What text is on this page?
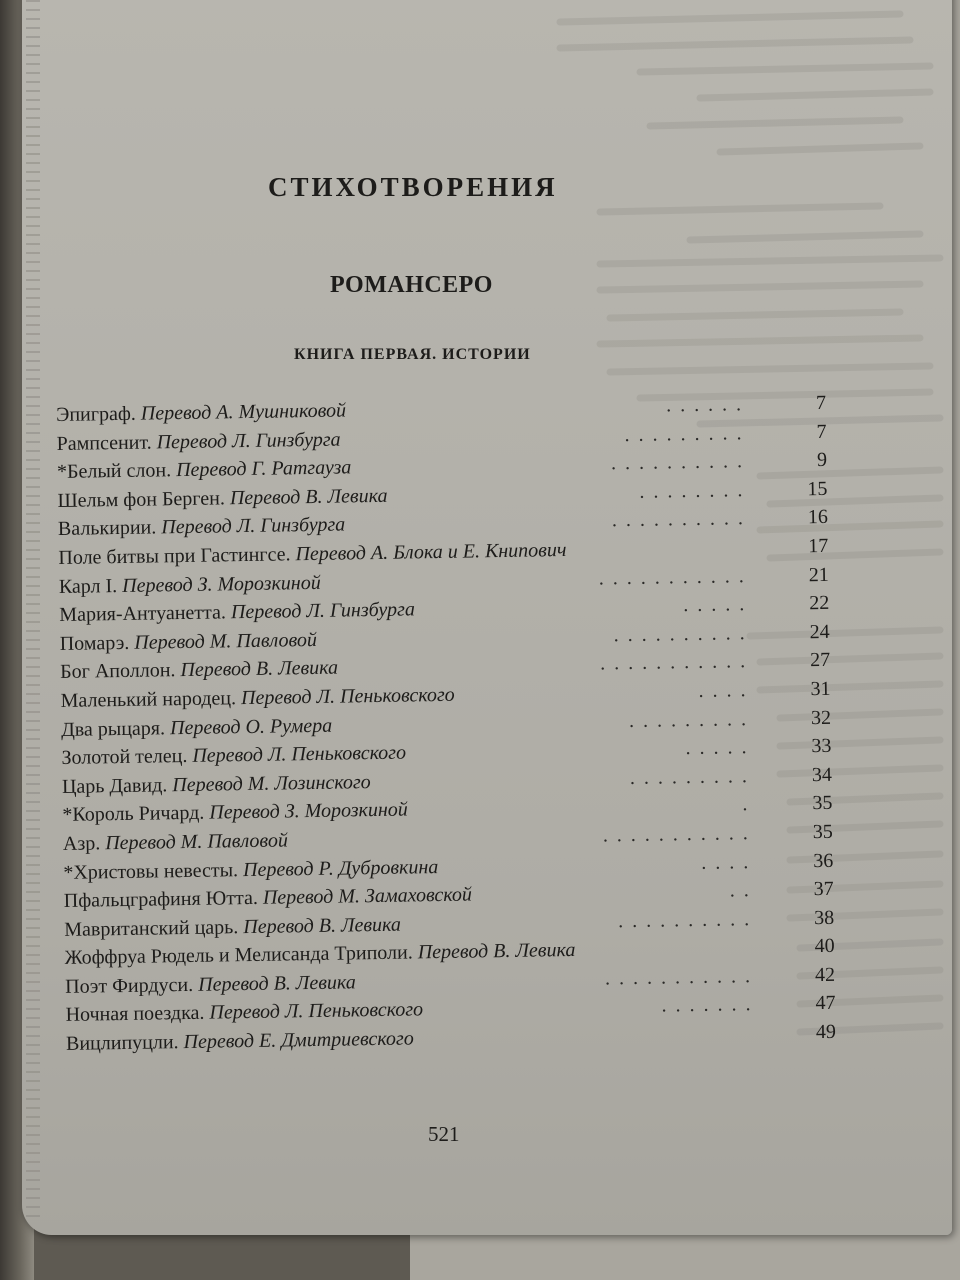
СТИХОТВОРЕНИЯ
РОМАНСЕРО
КНИГА ПЕРВАЯ. ИСТОРИИ
Эпиграф. Перевод А. Мушниковой	......	7
Рампсенит. Перевод Л. Гинзбурга	.........	7
*Белый слон. Перевод Г. Ратгауза	..........	9
Шельм фон Берген. Перевод В. Левика	........	15
Валькирии. Перевод Л. Гинзбурга	..........	16
Поле битвы при Гастингсе. Перевод А. Блока и Е. Книпович	17
Карл I. Перевод З. Морозкиной	...........	21
Мария-Антуанетта. Перевод Л. Гинзбурга	.....	22
Помарэ. Перевод М. Павловой	..........	24
Бог Аполлон. Перевод В. Левика	...........	27
Маленький народец. Перевод Л. Пеньковского	....	31
Два рыцаря. Перевод О. Румера	.........	32
Золотой телец. Перевод Л. Пеньковского	.....	33
Царь Давид. Перевод М. Лозинского	.........	34
*Король Ричард. Перевод З. Морозкиной	.	35
Азр. Перевод М. Павловой	...........	35
*Христовы невесты. Перевод Р. Дубровкина	....	36
Пфальцграфиня Ютта. Перевод М. Замаховской	..	37
Мавританский царь. Перевод В. Левика	..........	38
Жоффруа Рюдель и Мелисанда Триполи. Перевод В. Левика	40
Поэт Фирдуси. Перевод В. Левика	...........	42
Ночная поездка. Перевод Л. Пеньковского	.......	47
Вицлипуцли. Перевод Е. Дмитриевского	49
521
